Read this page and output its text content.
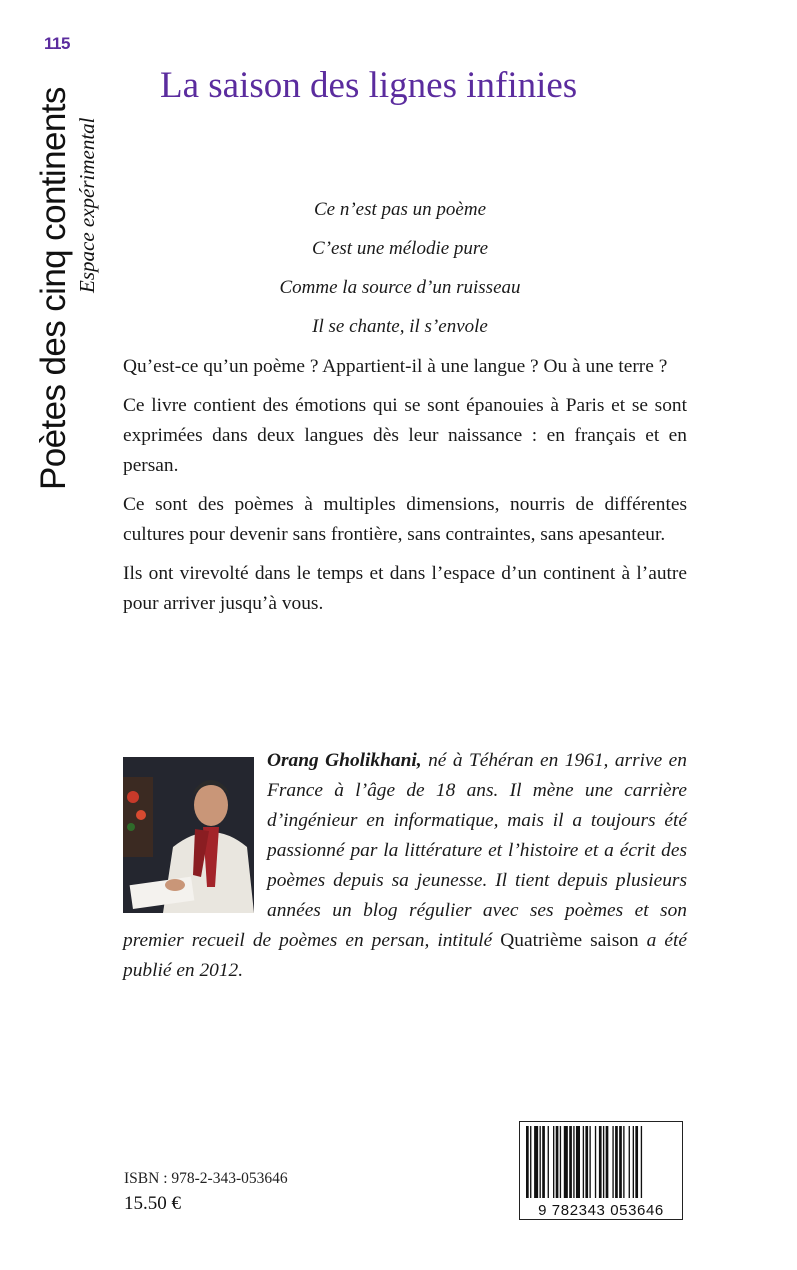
115
Poètes des cinq continents Espace expérimental
La saison des lignes infinies
Ce n’est pas un poème
C’est une mélodie pure
Comme la source d’un ruisseau
Il se chante, il s’envole

Qu’est-ce qu’un poème ? Appartient-il à une langue ? Ou à une terre ?

Ce livre contient des émotions qui se sont épanouies à Paris et se sont exprimées dans deux langues dès leur naissance : en français et en persan.

Ce sont des poèmes à multiples dimensions, nourris de différentes cultures pour devenir sans frontière, sans contraintes, sans apesanteur.

Ils ont virevolté dans le temps et dans l’espace d’un continent à l’autre pour arriver jusqu’à vous.

Orang Gholikhani, né à Téhéran en 1961, arrive en France à l’âge de 18 ans. Il mène une carrière d’ingénieur en informatique, mais il a toujours été passionné par la littérature et l’histoire et a écrit des poèmes depuis sa jeunesse. Il tient depuis plusieurs années un blog régulier avec ses poèmes et son premier recueil de poèmes en persan, intitulé Quatrième saison a été publié en 2012.
ISBN : 978-2-343-053646
15.50 €	9 782343 053646
